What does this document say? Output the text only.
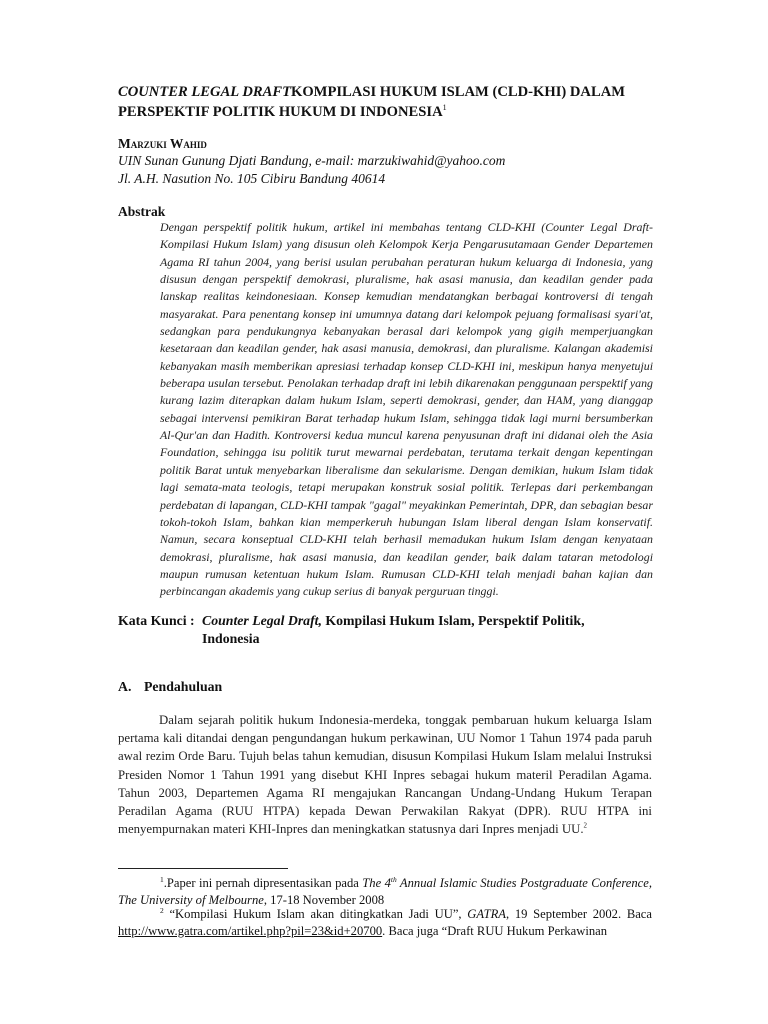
COUNTER LEGAL DRAFTKOMPILASI HUKUM ISLAM (CLD-KHI) DALAM
PERSPEKTIF POLITIK HUKUM DI INDONESIA$^1$
Marzuki Wahid
UIN Sunan Gunung Djati Bandung, e-mail: marzukiwahid@yahoo.com
Jl. A.H. Nasution No. 105 Cibiru Bandung 40614
Abstrak
Dengan perspektif politik hukum, artikel ini membahas tentang CLD-KHI (Counter Legal Draft-Kompilasi Hukum Islam) yang disusun oleh Kelompok Kerja Pengarusutamaan Gender Departemen Agama RI tahun 2004, yang berisi usulan perubahan peraturan hukum keluarga di Indonesia, yang disusun dengan perspektif demokrasi, pluralisme, hak asasi manusia, dan keadilan gender pada lanskap realitas keindonesiaan. Konsep kemudian mendatangkan berbagai kontroversi di tengah masyarakat. Para penentang konsep ini umumnya datang dari kelompok pejuang formalisasi syari'at, sedangkan para pendukungnya kebanyakan berasal dari kelompok yang gigih memperjuangkan kesetaraan dan keadilan gender, hak asasi manusia, demokrasi, dan pluralisme. Kalangan akademisi kebanyakan masih memberikan apresiasi terhadap konsep CLD-KHI ini, meskipun hanya menyetujui beberapa usulan tersebut. Penolakan terhadap draft ini lebih dikarenakan penggunaan perspektif yang kurang lazim diterapkan dalam hukum Islam, seperti demokrasi, gender, dan HAM, yang dianggap sebagai intervensi pemikiran Barat terhadap hukum Islam, sehingga tidak lagi murni bersumberkan Al-Qur'an dan Hadith. Kontroversi kedua muncul karena penyusunan draft ini didanai oleh the Asia Foundation, sehingga isu politik turut mewarnai perdebatan, terutama terkait dengan kepentingan politik Barat untuk menyebarkan liberalisme dan sekularisme. Dengan demikian, hukum Islam tidak lagi semata-mata teologis, tetapi merupakan konstruk sosial politik. Terlepas dari perkembangan perdebatan di lapangan, CLD-KHI tampak "gagal" meyakinkan Pemerintah, DPR, dan sebagian besar tokoh-tokoh Islam, bahkan kian memperkeruh hubungan Islam liberal dengan Islam konservatif. Namun, secara konseptual CLD-KHI telah berhasil memadukan hukum Islam dengan kenyataan demokrasi, pluralisme, hak asasi manusia, dan keadilan gender, baik dalam tataran metodologi maupun rumusan ketentuan hukum Islam. Rumusan CLD-KHI telah menjadi bahan kajian dan perbincangan akademis yang cukup serius di banyak perguruan tinggi.
Kata Kunci : Counter Legal Draft, Kompilasi Hukum Islam, Perspektif Politik, Indonesia
A. Pendahuluan
Dalam sejarah politik hukum Indonesia-merdeka, tonggak pembaruan hukum keluarga Islam pertama kali ditandai dengan pengundangan hukum perkawinan, UU Nomor 1 Tahun 1974 pada paruh awal rezim Orde Baru. Tujuh belas tahun kemudian, disusun Kompilasi Hukum Islam melalui Instruksi Presiden Nomor 1 Tahun 1991 yang disebut KHI Inpres sebagai hukum materil Peradilan Agama. Tahun 2003, Departemen Agama RI mengajukan Rancangan Undang-Undang Hukum Terapan Peradilan Agama (RUU HTPA) kepada Dewan Perwakilan Rakyat (DPR). RUU HTPA ini menyempurnakan materi KHI-Inpres dan meningkatkan statusnya dari Inpres menjadi UU.$^2$
$^1$.Paper ini pernah dipresentasikan pada The 4th Annual Islamic Studies Postgraduate Conference, The University of Melbourne, 17-18 November 2008
$^2$ “Kompilasi Hukum Islam akan ditingkatkan Jadi UU”, GATRA, 19 September 2002. Baca http://www.gatra.com/artikel.php?pil=23&id+20700. Baca juga “Draft RUU Hukum Perkawinan
